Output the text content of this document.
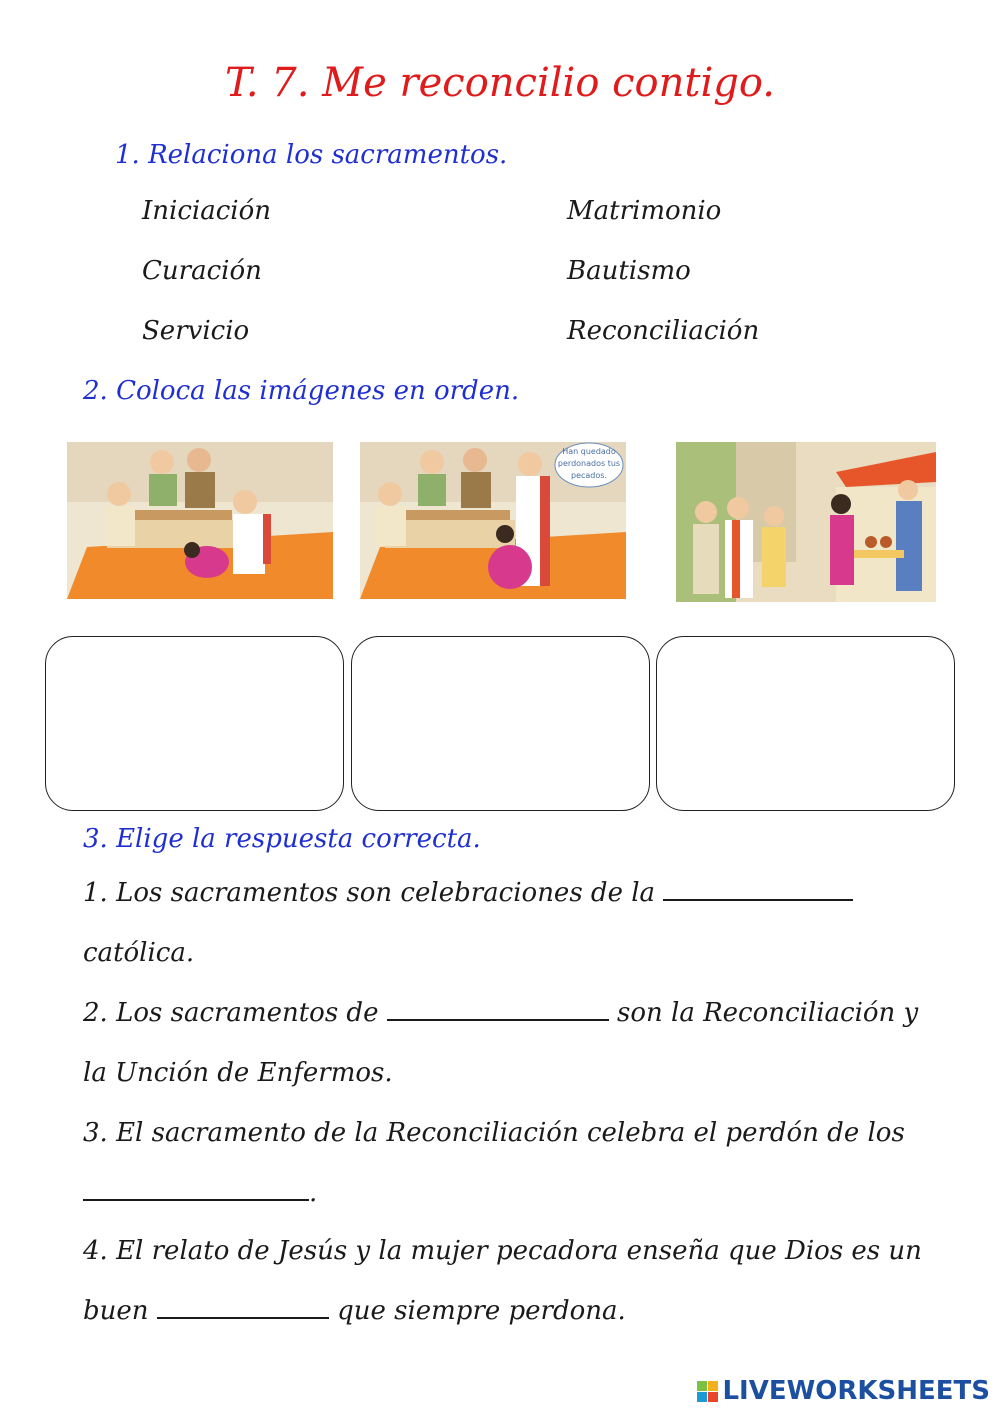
T. 7. Me reconcilio contigo.
1. Relaciona los sacramentos.
Iniciación
Curación
Servicio
Matrimonio
Bautismo
Reconciliación
2. Coloca las imágenes en orden.
Han quedado
perdonados tus
pecados.
3. Elige la respuesta correcta.
1. Los sacramentos son celebraciones de la
católica.
2. Los sacramentos de	son la Reconciliación y
la Unción de Enfermos.
3. El sacramento de la Reconciliación celebra el perdón de los
.
4. El relato de Jesús y la mujer pecadora enseña que Dios es un
buen	que siempre perdona.
LIVEWORKSHEETS
